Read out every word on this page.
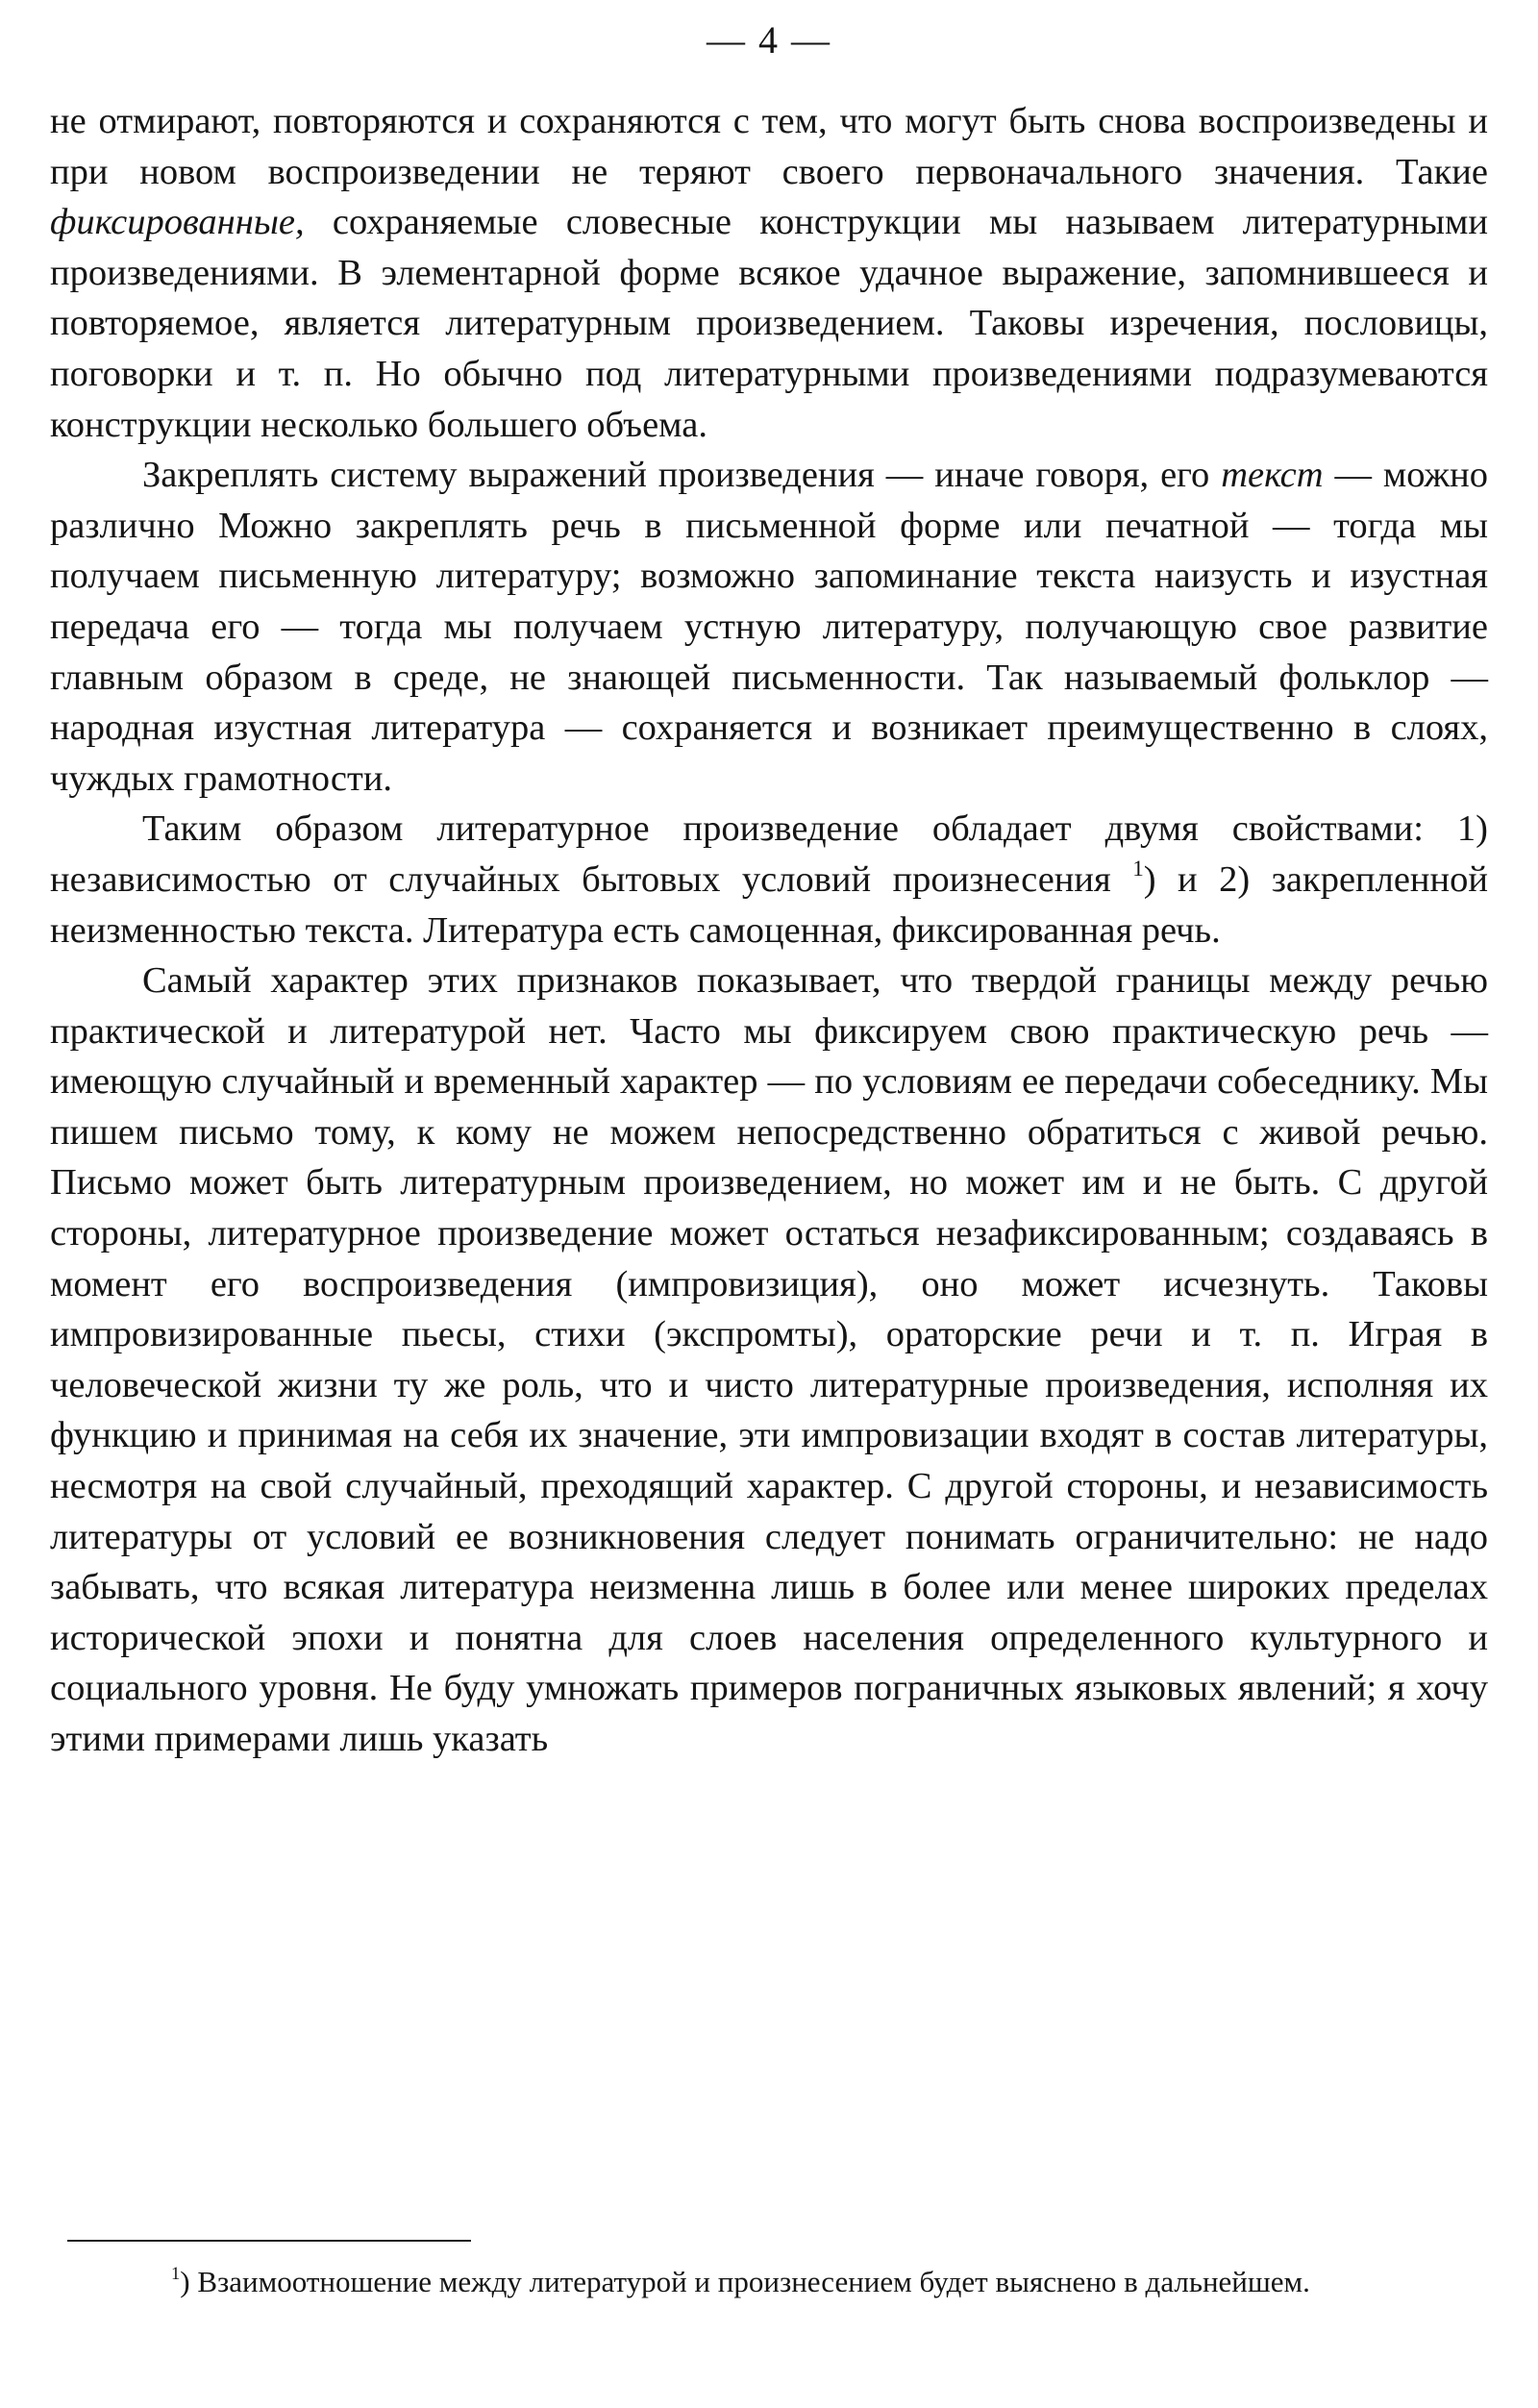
— 4 —

не отмирают, повторяются и сохраняются с тем, что могут быть снова воспроизведены и при новом воспроизведении не теряют своего первоначального значения. Такие фиксированные, сохраняемые словесные конструкции мы называем литературными произведениями. В элементарной форме всякое удачное выражение, запомнившееся и повторяемое, является литературным произведением. Таковы изречения, пословицы, поговорки и т. п. Но обычно под литературными произведениями подразумеваются конструкции несколько большего объема.

Закреплять систему выражений произведения — иначе говоря, его текст — можно различно Можно закреплять речь в письменной форме или печатной — тогда мы получаем письменную литературу; возможно запоминание текста наизусть и изустная передача его — тогда мы получаем устную литературу, получающую свое развитие главным образом в среде, не знающей письменности. Так называемый фольклор — народная изустная литература — сохраняется и возникает преимущественно в слоях, чуждых грамотности.

Таким образом литературное произведение обладает двумя свойствами: 1) независимостью от случайных бытовых условий произнесения $^1$) и 2) закрепленной неизменностью текста. Литература есть самоценная, фиксированная речь.

Самый характер этих признаков показывает, что твердой границы между речью практической и литературой нет. Часто мы фиксируем свою практическую речь — имеющую случайный и временный характер — по условиям ее передачи собеседнику. Мы пишем письмо тому, к кому не можем непосредственно обратиться с живой речью. Письмо может быть литературным произведением, но может им и не быть. С другой стороны, литературное произведение может остаться незафиксированным; создаваясь в момент его воспроизведения (импровизиция), оно может исчезнуть. Таковы импровизированные пьесы, стихи (экспромты), ораторские речи и т. п. Играя в человеческой жизни ту же роль, что и чисто литературные произведения, исполняя их функцию и принимая на себя их значение, эти импровизации входят в состав литературы, несмотря на свой случайный, преходящий характер. С другой стороны, и независимость литературы от условий ее возникновения следует понимать ограничительно: не надо забывать, что всякая литература неизменна лишь в более или менее широких пределах исторической эпохи и понятна для слоев населения определенного культурного и социального уровня. Не буду умножать примеров пограничных языковых явлений; я хочу этими примерами лишь указать

$^1$) Взаимоотношение между литературой и произнесением будет выяснено в дальнейшем.
